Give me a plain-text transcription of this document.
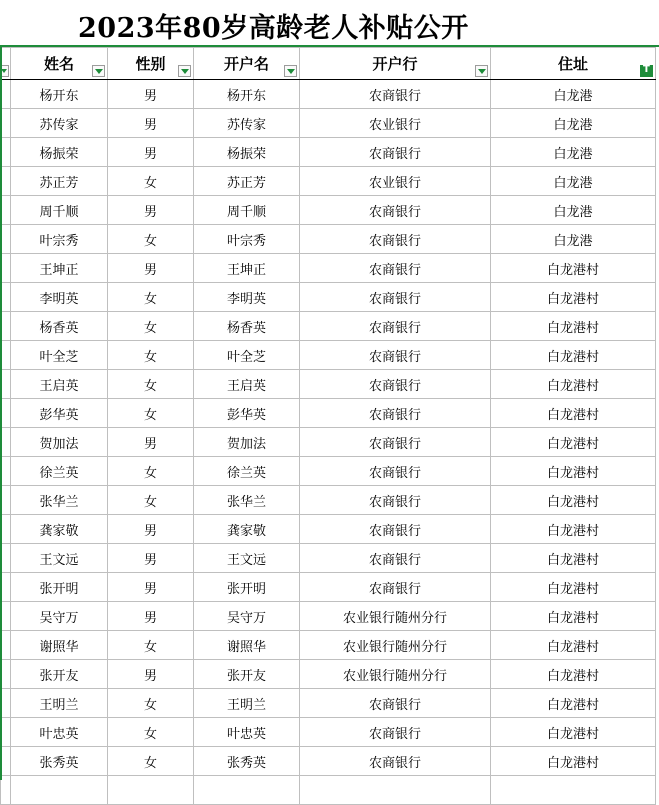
2023年80岁高龄老人补贴公开
	姓名	性别	开户名	开户行	住址
T

	杨开东	男	杨开东	农商银行	白龙港
	苏传家	男	苏传家	农业银行	白龙港
	杨振荣	男	杨振荣	农商银行	白龙港
	苏正芳	女	苏正芳	农业银行	白龙港
	周千顺	男	周千顺	农商银行	白龙港
	叶宗秀	女	叶宗秀	农商银行	白龙港
	王坤正	男	王坤正	农商银行	白龙港村
	李明英	女	李明英	农商银行	白龙港村
	杨香英	女	杨香英	农商银行	白龙港村
	叶全芝	女	叶全芝	农商银行	白龙港村
	王启英	女	王启英	农商银行	白龙港村
	彭华英	女	彭华英	农商银行	白龙港村
	贺加法	男	贺加法	农商银行	白龙港村
	徐兰英	女	徐兰英	农商银行	白龙港村
	张华兰	女	张华兰	农商银行	白龙港村
	龚家敬	男	龚家敬	农商银行	白龙港村
	王文远	男	王文远	农商银行	白龙港村
	张开明	男	张开明	农商银行	白龙港村
	吴守万	男	吴守万	农业银行随州分行	白龙港村
	谢照华	女	谢照华	农业银行随州分行	白龙港村
	张开友	男	张开友	农业银行随州分行	白龙港村
	王明兰	女	王明兰	农商银行	白龙港村
	叶忠英	女	叶忠英	农商银行	白龙港村
	张秀英	女	张秀英	农商银行	白龙港村
